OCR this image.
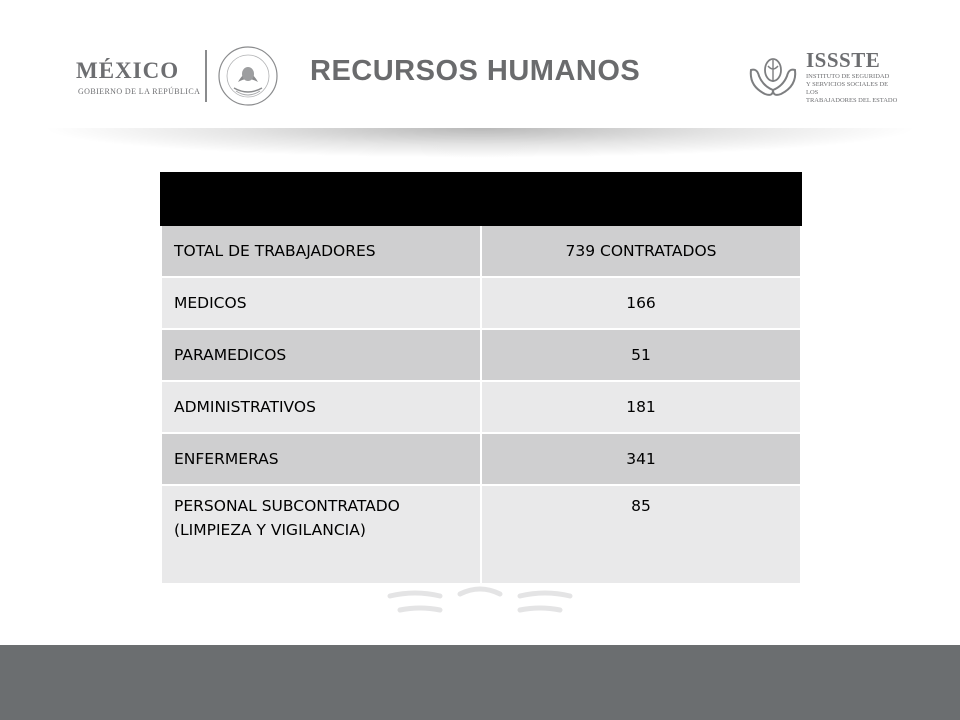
MÉXICO
GOBIERNO DE LA REPÚBLICA
RECURSOS HUMANOS	ISSSTE
INSTITUTO DE SEGURIDAD
Y SERVICIOS SOCIALES DE LOS
TRABAJADORES DEL ESTADO

TOTAL DE TRABAJADORES	739 CONTRATADOS
MEDICOS	166
PARAMEDICOS	51
ADMINISTRATIVOS	181
ENFERMERAS	341

PERSONAL SUBCONTRATADO
(LIMPIEZA Y VIGILANCIA)	85
